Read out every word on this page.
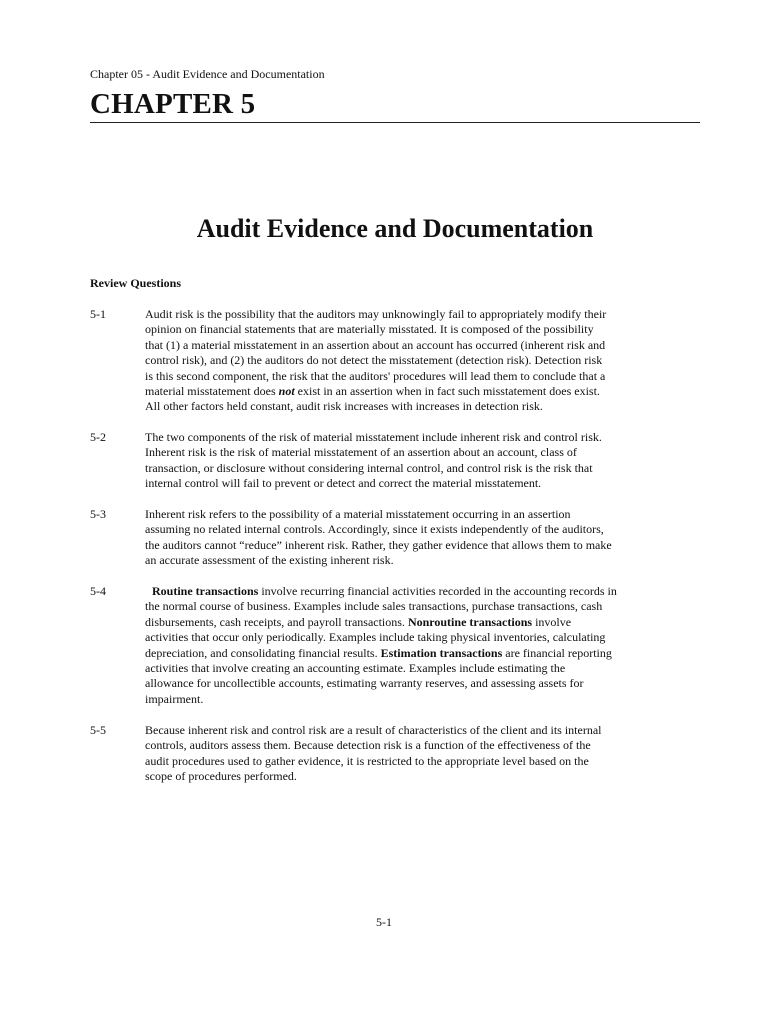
Chapter 05 - Audit Evidence and Documentation
CHAPTER 5
Audit Evidence and Documentation
Review Questions
5-1	Audit risk is the possibility that the auditors may unknowingly fail to appropriately modify their
opinion on financial statements that are materially misstated. It is composed of the possibility
that (1) a material misstatement in an assertion about an account has occurred (inherent risk and
control risk), and (2) the auditors do not detect the misstatement (detection risk). Detection risk
is this second component, the risk that the auditors' procedures will lead them to conclude that a
material misstatement does not exist in an assertion when in fact such misstatement does exist.
All other factors held constant, audit risk increases with increases in detection risk.
5-2	The two components of the risk of material misstatement include inherent risk and control risk.
Inherent risk is the risk of material misstatement of an assertion about an account, class of
transaction, or disclosure without considering internal control, and control risk is the risk that
internal control will fail to prevent or detect and correct the material misstatement.
5-3	Inherent risk refers to the possibility of a material misstatement occurring in an assertion
assuming no related internal controls. Accordingly, since it exists independently of the auditors,
the auditors cannot “reduce” inherent risk. Rather, they gather evidence that allows them to make
an accurate assessment of the existing inherent risk.
5-4	Routine transactions involve recurring financial activities recorded in the accounting records in
the normal course of business. Examples include sales transactions, purchase transactions, cash
disbursements, cash receipts, and payroll transactions. Nonroutine transactions involve
activities that occur only periodically. Examples include taking physical inventories, calculating
depreciation, and consolidating financial results. Estimation transactions are financial reporting
activities that involve creating an accounting estimate. Examples include estimating the
allowance for uncollectible accounts, estimating warranty reserves, and assessing assets for
impairment.
5-5	Because inherent risk and control risk are a result of characteristics of the client and its internal
controls, auditors assess them. Because detection risk is a function of the effectiveness of the
audit procedures used to gather evidence, it is restricted to the appropriate level based on the
scope of procedures performed.
5-1
